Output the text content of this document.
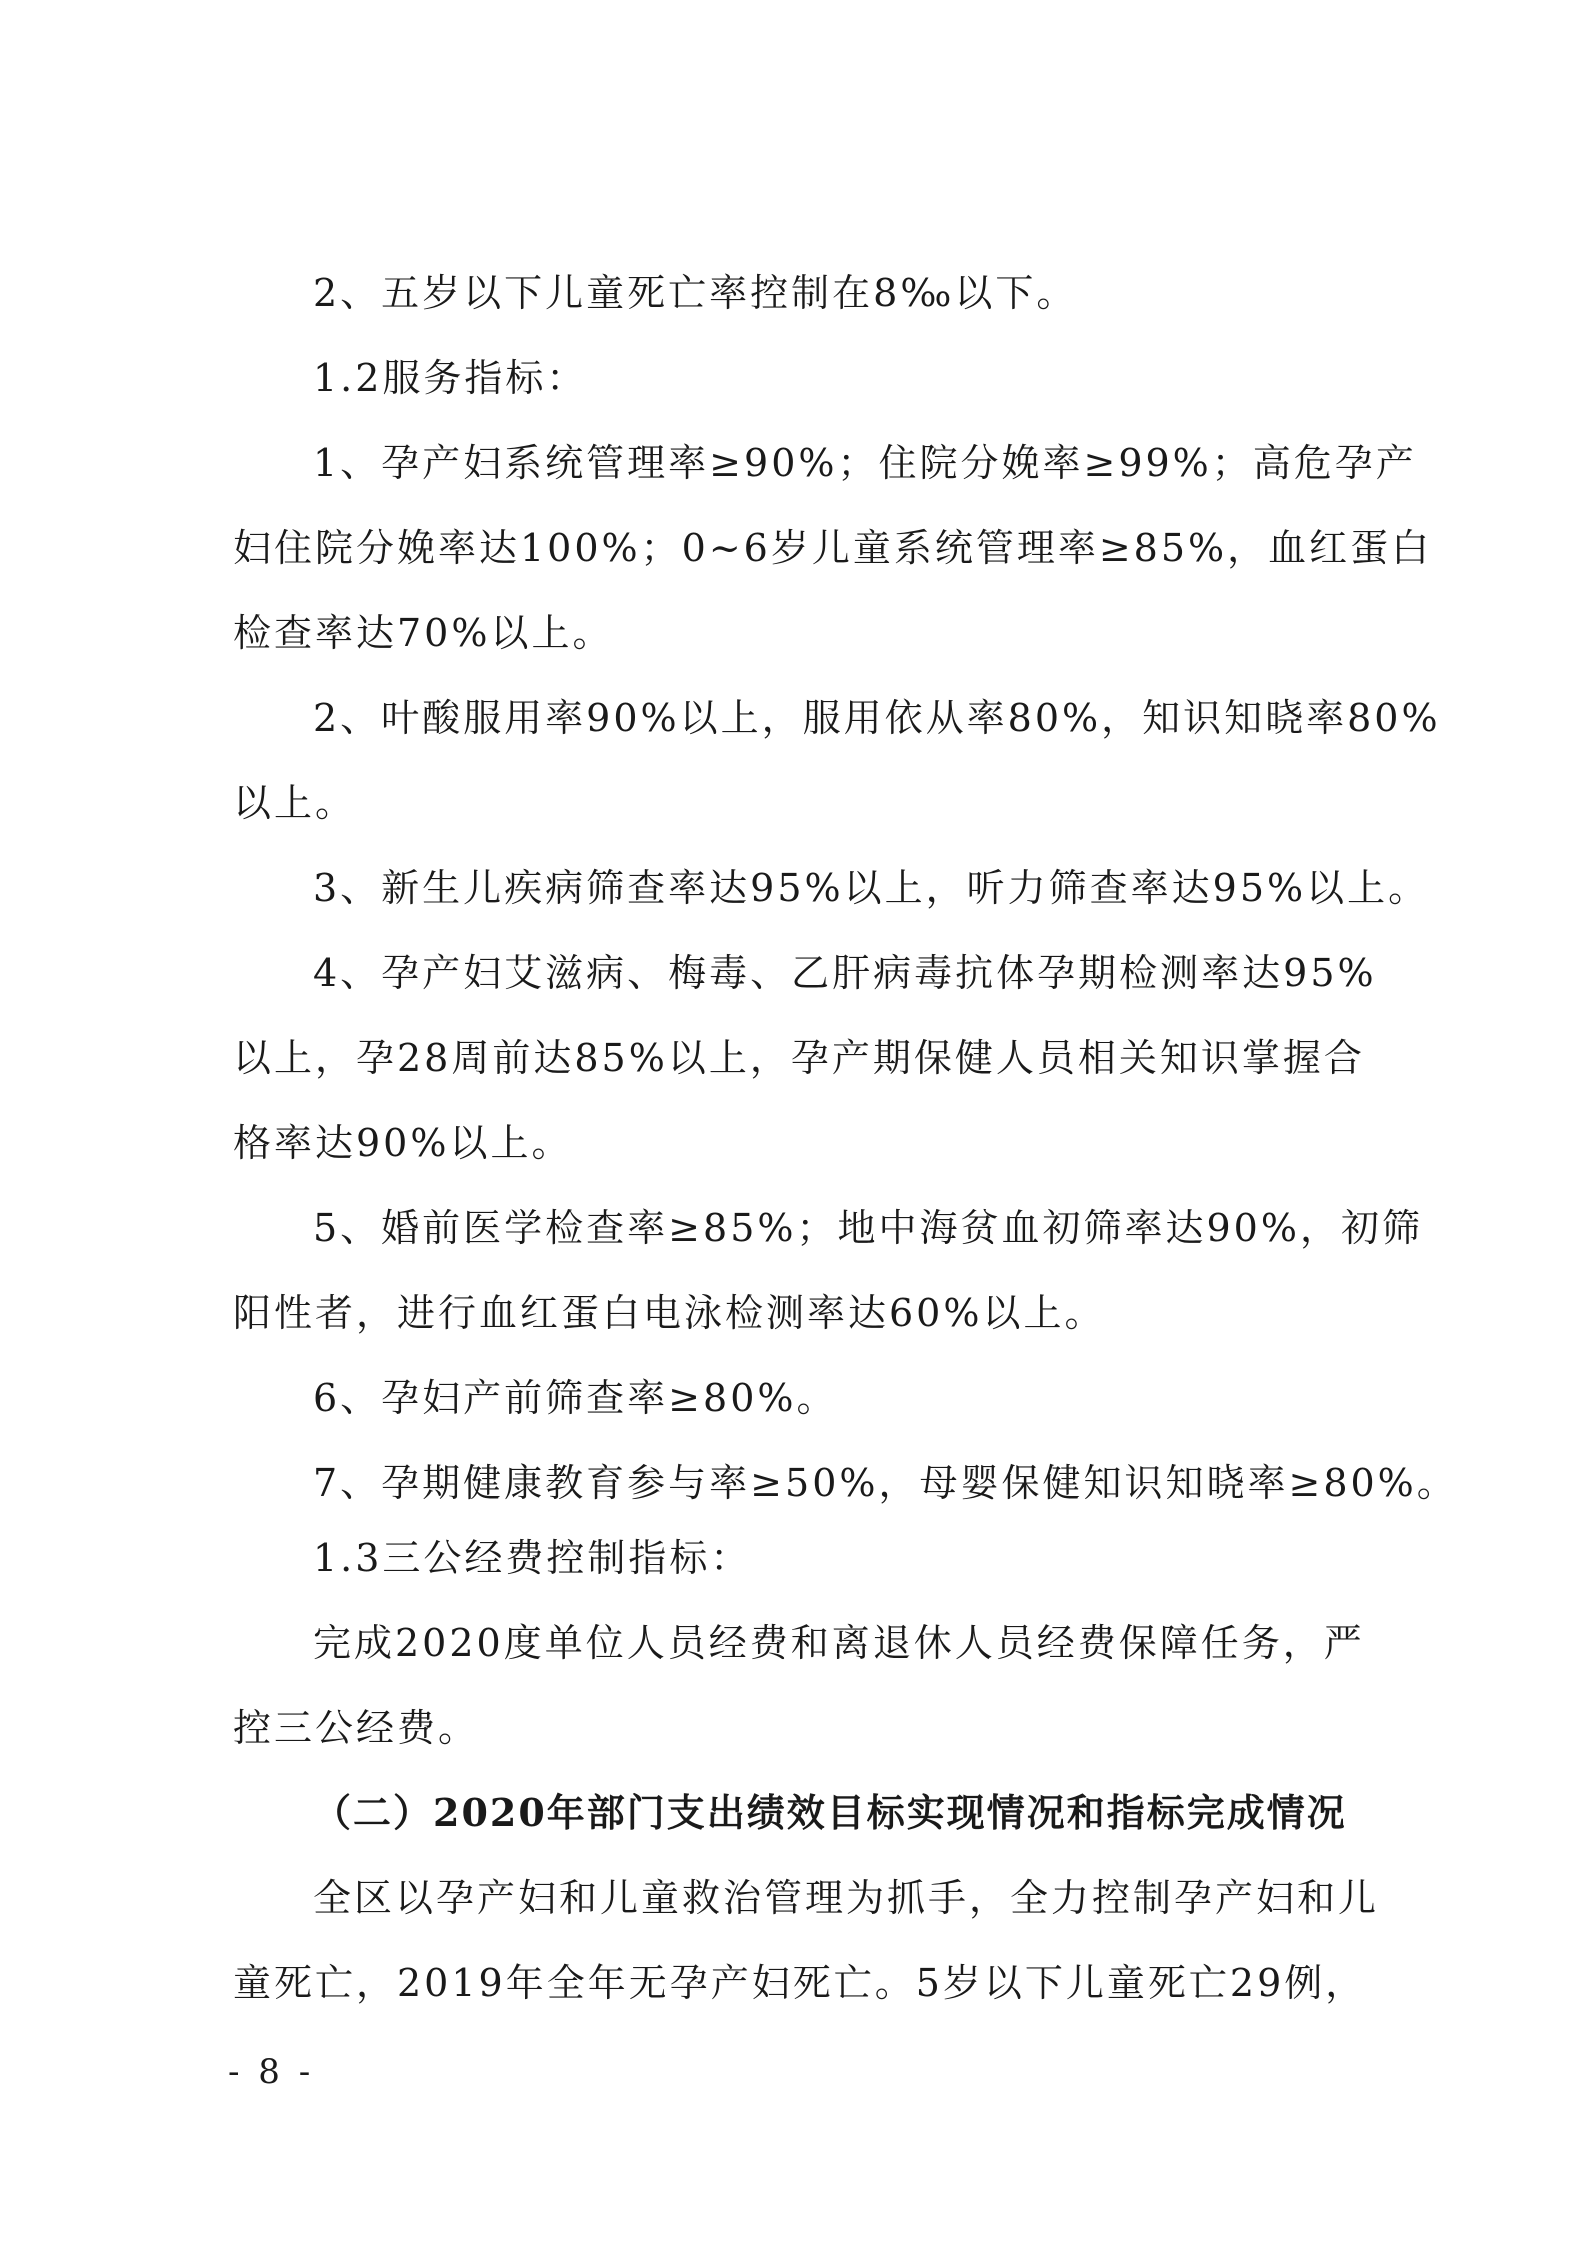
2、五岁以下儿童死亡率控制在8‰以下。
1.2服务指标：
1、孕产妇系统管理率≥90%；住院分娩率≥99%；高危孕产
妇住院分娩率达100%；0~6岁儿童系统管理率≥85%，血红蛋白
检查率达70%以上。
2、叶酸服用率90%以上，服用依从率80%，知识知晓率80%
以上。
3、新生儿疾病筛查率达95%以上，听力筛查率达95%以上。
4、孕产妇艾滋病、梅毒、乙肝病毒抗体孕期检测率达95%
以上，孕28周前达85%以上，孕产期保健人员相关知识掌握合
格率达90%以上。
5、婚前医学检查率≥85%；地中海贫血初筛率达90%，初筛
阳性者，进行血红蛋白电泳检测率达60%以上。
6、孕妇产前筛查率≥80%。
7、孕期健康教育参与率≥50%，母婴保健知识知晓率≥80%。
1.3三公经费控制指标：
完成2020度单位人员经费和离退休人员经费保障任务，严
控三公经费。
（二）2020年部门支出绩效目标实现情况和指标完成情况
全区以孕产妇和儿童救治管理为抓手，全力控制孕产妇和儿
童死亡，2019年全年无孕产妇死亡。5岁以下儿童死亡29例，
- 8 -
